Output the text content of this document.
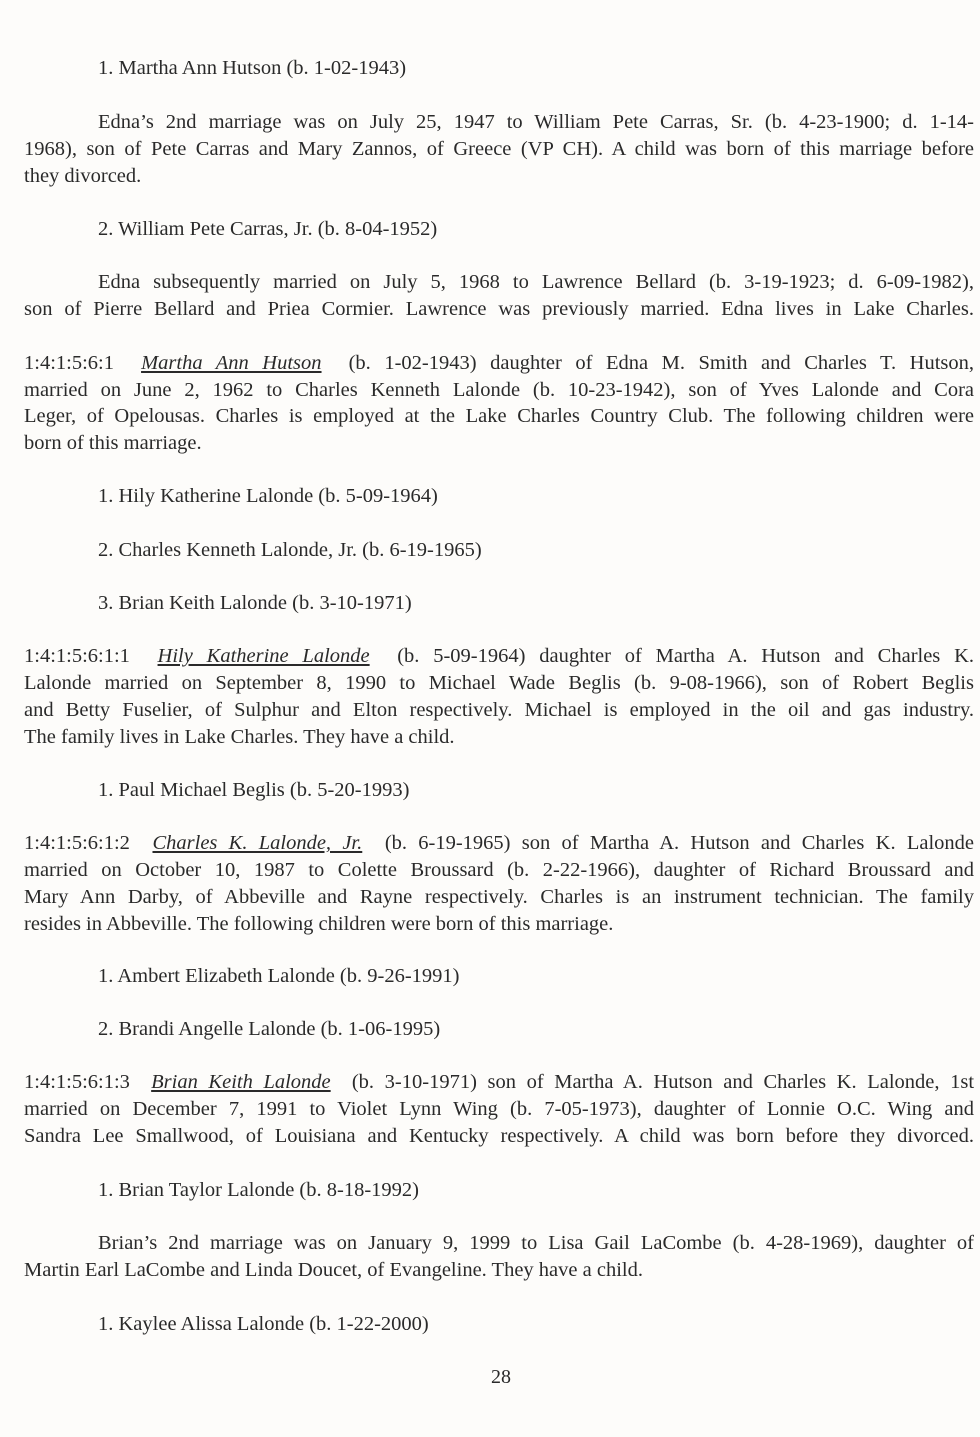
1. Martha Ann Hutson (b. 1-02-1943)
Edna’s 2nd marriage was on July 25, 1947 to William Pete Carras, Sr. (b. 4-23-1900; d. 1-14-
1968), son of Pete Carras and Mary Zannos, of Greece (VP CH). A child was born of this marriage before
they divorced.
2. William Pete Carras, Jr. (b. 8-04-1952)
Edna subsequently married on July 5, 1968 to Lawrence Bellard (b. 3-19-1923; d. 6-09-1982),
son of Pierre Bellard and Priea Cormier. Lawrence was previously married. Edna lives in Lake Charles.
1:4:1:5:6:1 Martha Ann Hutson (b. 1-02-1943) daughter of Edna M. Smith and Charles T. Hutson,
married on June 2, 1962 to Charles Kenneth Lalonde (b. 10-23-1942), son of Yves Lalonde and Cora
Leger, of Opelousas. Charles is employed at the Lake Charles Country Club. The following children were
born of this marriage.
1. Hily Katherine Lalonde (b. 5-09-1964)
2. Charles Kenneth Lalonde, Jr. (b. 6-19-1965)
3. Brian Keith Lalonde (b. 3-10-1971)
1:4:1:5:6:1:1 Hily Katherine Lalonde (b. 5-09-1964) daughter of Martha A. Hutson and Charles K.
Lalonde married on September 8, 1990 to Michael Wade Beglis (b. 9-08-1966), son of Robert Beglis
and Betty Fuselier, of Sulphur and Elton respectively. Michael is employed in the oil and gas industry.
The family lives in Lake Charles. They have a child.
1. Paul Michael Beglis (b. 5-20-1993)
1:4:1:5:6:1:2 Charles K. Lalonde, Jr. (b. 6-19-1965) son of Martha A. Hutson and Charles K. Lalonde
married on October 10, 1987 to Colette Broussard (b. 2-22-1966), daughter of Richard Broussard and
Mary Ann Darby, of Abbeville and Rayne respectively. Charles is an instrument technician. The family
resides in Abbeville. The following children were born of this marriage.
1. Ambert Elizabeth Lalonde (b. 9-26-1991)
2. Brandi Angelle Lalonde (b. 1-06-1995)
1:4:1:5:6:1:3 Brian Keith Lalonde (b. 3-10-1971) son of Martha A. Hutson and Charles K. Lalonde, 1st
married on December 7, 1991 to Violet Lynn Wing (b. 7-05-1973), daughter of Lonnie O.C. Wing and
Sandra Lee Smallwood, of Louisiana and Kentucky respectively. A child was born before they divorced.
1. Brian Taylor Lalonde (b. 8-18-1992)
Brian’s 2nd marriage was on January 9, 1999 to Lisa Gail LaCombe (b. 4-28-1969), daughter of
Martin Earl LaCombe and Linda Doucet, of Evangeline. They have a child.
1. Kaylee Alissa Lalonde (b. 1-22-2000)
28
